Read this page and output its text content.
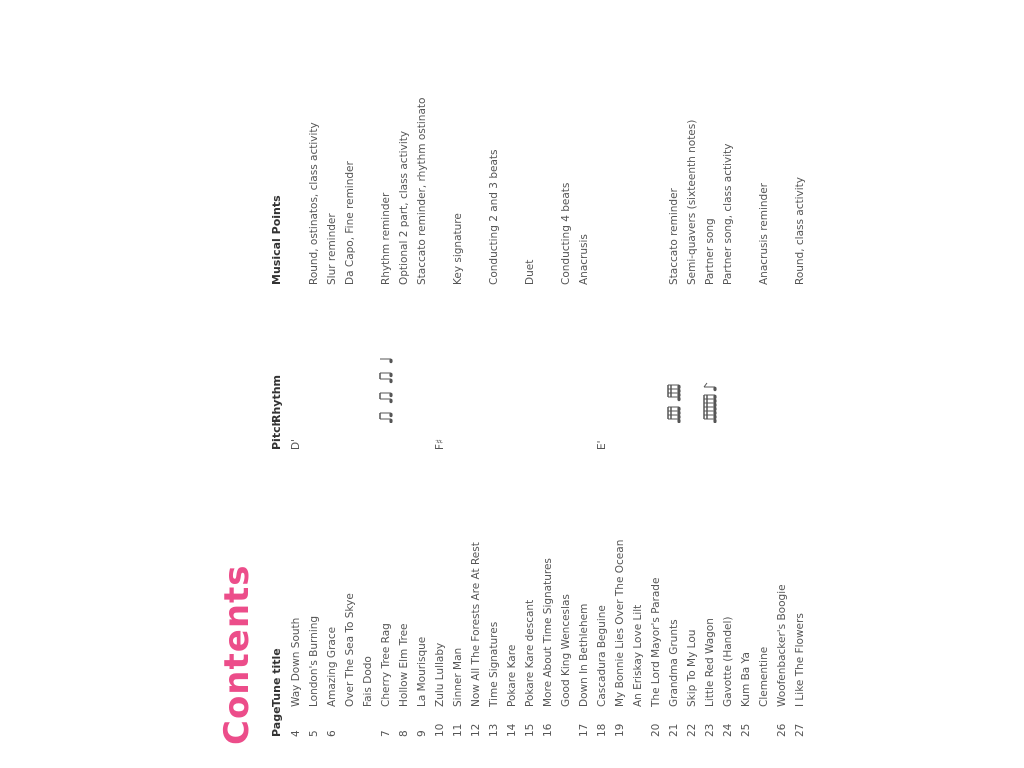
Contents Page
Tune title
Pitch
Rhythm
Musical Points
4
Way Down South
D'
5
London's Burning
Round, ostinatos, class activity
6
Amazing Grace
Slur reminder
Over The Sea To Skye
Da Capo, Fine reminder
Fais Dodo
7
Cherry Tree Rag
Rhythm reminder
8
Hollow Elm Tree
Optional 2 part, class activity
9
La Mourisque
Staccato reminder, rhythm ostinato
10
Zulu Lullaby
F♯
11
Sinner Man
Key signature
12
Now All The Forests Are At Rest
13
Time Signatures
Conducting 2 and 3 beats
14
Pokare Kare
15
Pokare Kare descant
Duet
16
More About Time Signatures Good King Wenceslas
Conducting 4 beats
17
Down In Bethlehem
Anacrusis
18
Cascadura Beguine
E'
19
My Bonnie Lies Over The Ocean An Eriskay Love Lilt
20
The Lord Mayor's Parade
21
Grandma Grunts
Staccato reminder
22
Skip To My Lou
Semi-quavers (sixteenth notes)
23
Little Red Wagon
Partner song
24
Gavotte (Handel)
Partner song, class activity
25
Kum Ba Ya Clementine
Anacrusis reminder
26
Woofenbacker's Boogie
27
I Like The Flowers
Round, class activity
